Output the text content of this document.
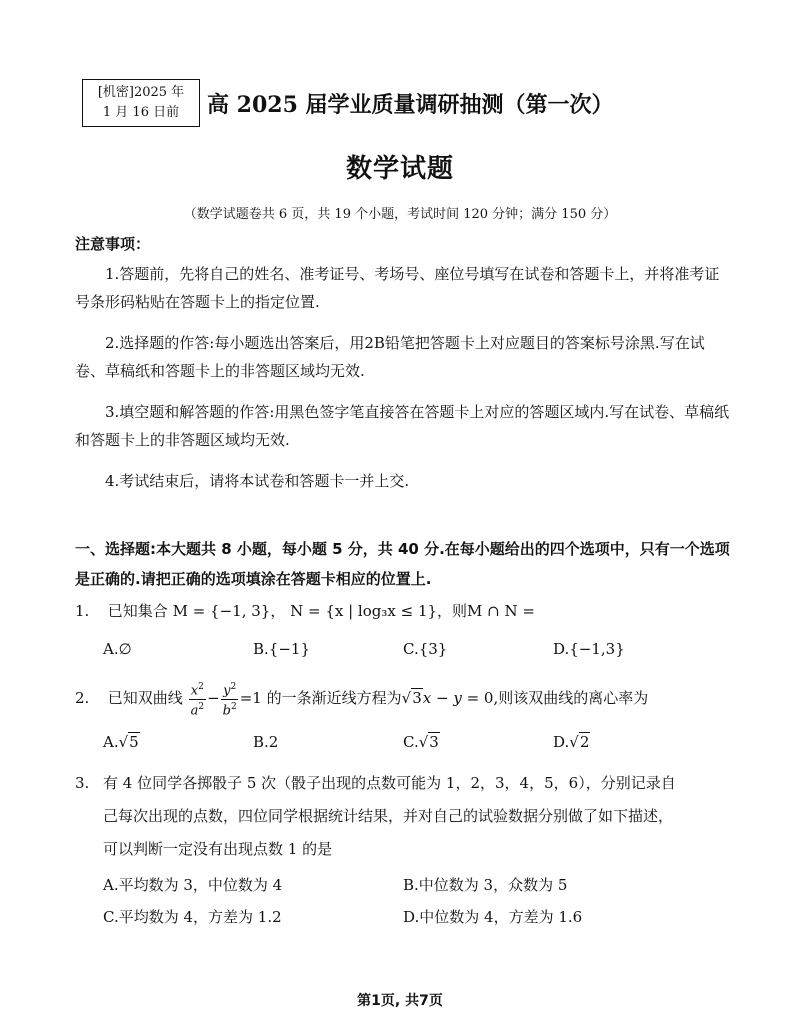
[机密]2025 年
1 月 16 日前	高 2025 届学业质量调研抽测（第一次）
数学试题
（数学试题卷共 6 页，共 19 个小题，考试时间 120 分钟；满分 150 分）
注意事项：
1.答题前，先将自己的姓名、准考证号、考场号、座位号填写在试卷和答题卡上，并将准考证号条形码粘贴在答题卡上的指定位置.
2.选择题的作答:每小题选出答案后，用2B铅笔把答题卡上对应题目的答案标号涂黑.写在试卷、草稿纸和答题卡上的非答题区域均无效.
3.填空题和解答题的作答:用黑色签字笔直接答在答题卡上对应的答题区域内.写在试卷、草稿纸和答题卡上的非答题区域均无效.
4.考试结束后，请将本试卷和答题卡一并上交.
一、选择题:本大题共 8 小题，每小题 5 分，共 40 分.在每小题给出的四个选项中，只有一个选项是正确的.请把正确的选项填涂在答题卡相应的位置上.
1. 已知集合 M = {−1, 3}， N = {x | log₃x ≤ 1}，则M ∩ N =
A.∅	B.{−1}	C.{3}	D.{−1,3}
2. 已知双曲线 $\frac{x^2}{a^2} - \frac{y^2}{b^2} =1$ 的一条渐近线方程为√3x − y = 0,则该双曲线的离心率为
A.√5	B.2	C.√3	D.√2
3. 有 4 位同学各掷骰子 5 次（骰子出现的点数可能为 1，2，3，4，5，6），分别记录自
己每次出现的点数，四位同学根据统计结果，并对自己的试验数据分别做了如下描述，
可以判断一定没有出现点数 1 的是
A.平均数为 3，中位数为 4	B.中位数为 3，众数为 5
C.平均数为 4，方差为 1.2	D.中位数为 4，方差为 1.6
第1页, 共7页
